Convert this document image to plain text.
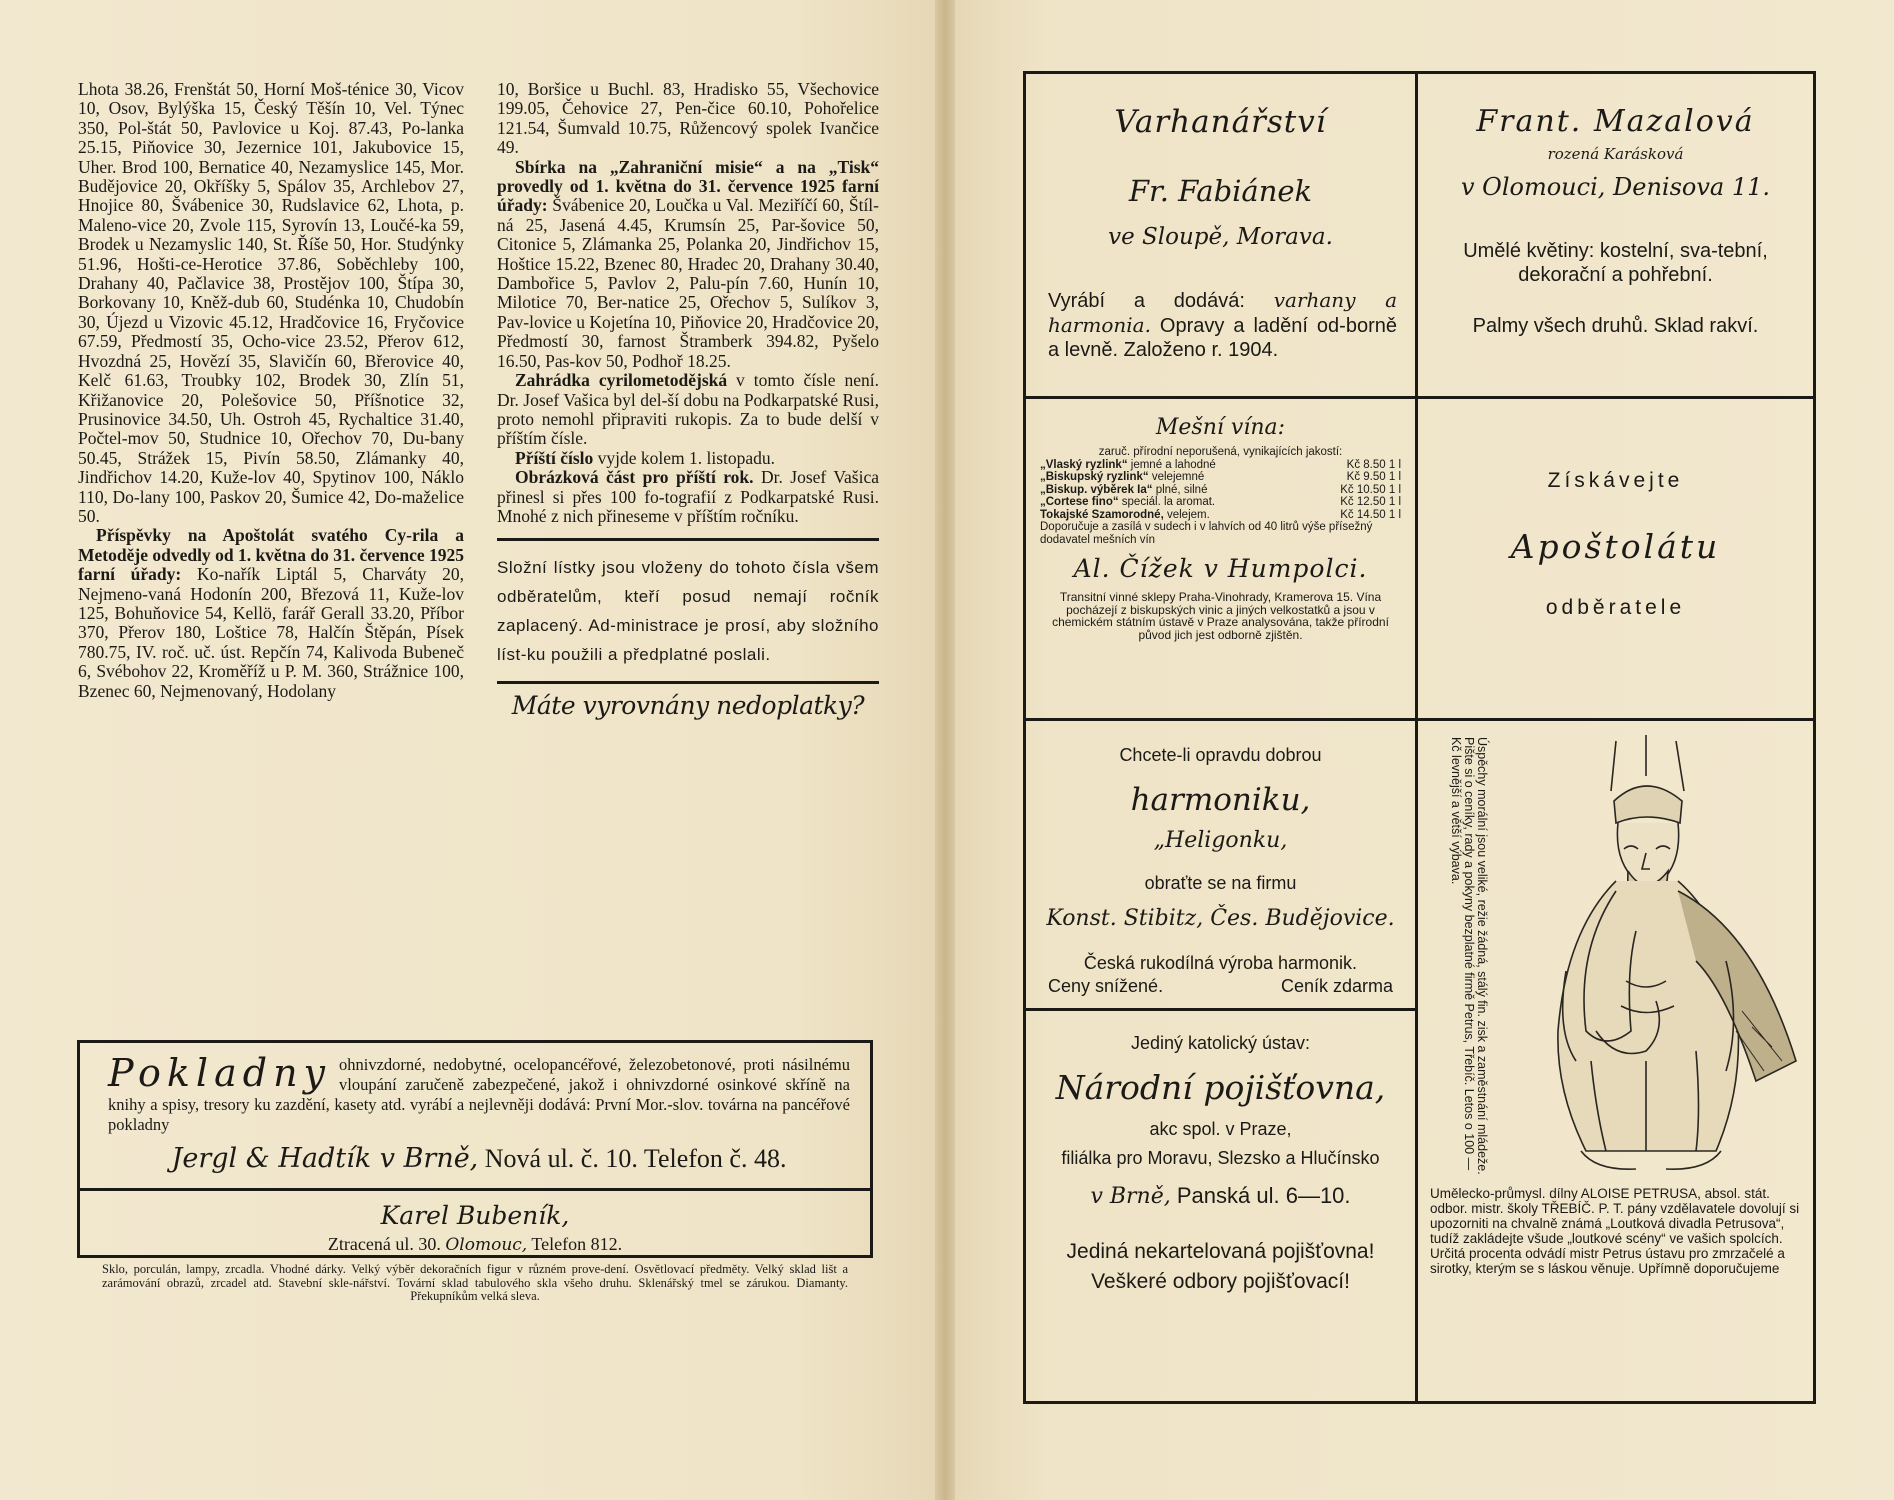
Lhota 38.26, Frenštát 50, Horní Moš-ténice 30, Vicov 10, Osov, Bylýška 15, Český Těšín 10, Vel. Týnec 350, Pol-štát 50, Pavlovice u Koj. 87.43, Po-lanka 25.15, Piňovice 30, Jezernice 101, Jakubovice 15, Uher. Brod 100, Bernatice 40, Nezamyslice 145, Mor. Budějovice 20, Okříšky 5, Spálov 35, Archlebov 27, Hnojice 80, Švábenice 30, Rudslavice 62, Lhota, p. Maleno-vice 20, Zvole 115, Syrovín 13, Loučé-ka 59, Brodek u Nezamyslic 140, St. Říše 50, Hor. Studýnky 51.96, Hošti-ce-Herotice 37.86, Soběchleby 100, Drahany 40, Pačlavice 38, Prostějov 100, Štípa 30, Borkovany 10, Kněž-dub 60, Studénka 10, Chudobín 30, Újezd u Vizovic 45.12, Hradčovice 16, Fryčovice 67.59, Předmostí 35, Ocho-vice 23.52, Přerov 612, Hvozdná 25, Hovězí 35, Slavičín 60, Břerovice 40, Kelč 61.63, Troubky 102, Brodek 30, Zlín 51, Křižanovice 20, Polešovice 50, Příšnotice 32, Prusinovice 34.50, Uh. Ostroh 45, Rychaltice 31.40, Počtel-mov 50, Studnice 10, Ořechov 70, Du-bany 50.45, Strážek 15, Pivín 58.50, Zlámanky 40, Jindřichov 14.20, Kuže-lov 40, Spytinov 100, Náklo 110, Do-lany 100, Paskov 20, Šumice 42, Do-maželice 50.

Příspěvky na Apoštolát svatého Cy-rila a Metoděje odvedly od 1. května do 31. července 1925 farní úřady: Ko-nařík Liptál 5, Charváty 20, Nejmeno-vaná Hodonín 200, Březová 11, Kuže-lov 125, Bohuňovice 54, Kellö, farář Gerall 33.20, Příbor 370, Přerov 180, Loštice 78, Halčín Štěpán, Písek 780.75, IV. roč. uč. úst. Repčín 74, Kalivoda Bubeneč 6, Svébohov 22, Kroměříž u P. M. 360, Strážnice 100, Bzenec 60, Nejmenovaný, Hodolany

10, Boršice u Buchl. 83, Hradisko 55, Všechovice 199.05, Čehovice 27, Pen-čice 60.10, Pohořelice 121.54, Šumvald 10.75, Růžencový spolek Ivančice 49.

Sbírka na „Zahraniční misie“ a na „Tisk“ provedly od 1. května do 31. července 1925 farní úřady: Švábenice 20, Loučka u Val. Meziříčí 60, Štíl-ná 25, Jasená 4.45, Krumsín 25, Par-šovice 50, Citonice 5, Zlámanka 25, Polanka 20, Jindřichov 15, Hoštice 15.22, Bzenec 80, Hradec 20, Drahany 30.40, Dambořice 5, Pavlov 2, Palu-pín 7.60, Hunín 10, Milotice 70, Ber-natice 25, Ořechov 5, Sulíkov 3, Pav-lovice u Kojetína 10, Piňovice 20, Hradčovice 20, Předmostí 30, farnost Štramberk 394.82, Pyšelo 16.50, Pas-kov 50, Podhoř 18.25.

Zahrádka cyrilometodějská v tomto čísle není. Dr. Josef Vašica byl del-ší dobu na Podkarpatské Rusi, proto nemohl připraviti rukopis. Za to bude delší v příštím čísle.

Příští číslo vyjde kolem 1. listopadu.

Obrázková část pro příští rok. Dr. Josef Vašica přinesl si přes 100 fo-tografií z Podkarpatské Rusi. Mnohé z nich přineseme v příštím ročníku.

Složní lístky jsou vloženy do tohoto čísla všem odběratelům, kteří posud nemají ročník zaplacený. Ad-ministrace je prosí, aby složního líst-ku použili a předplatné poslali.
Máte vyrovnány nedoplatky?
Pokladny ohnivzdorné, nedobytné, ocelopancéřové, železobetonové, proti násilnému vloupání zaručeně zabezpečené, jakož i ohnivzdorné osinkové skříně na knihy a spisy, tresory ku zazdění, kasety atd. vyrábí a nejlevněji dodává: První Mor.-slov. továrna na pancéřové pokladny
Jergl & Hadtík v Brně, Nová ul. č. 10. Telefon č. 48.
Karel Bubeník,
Ztracená ul. 30. Olomouc, Telefon 812.
Sklo, porculán, lampy, zrcadla. Vhodné dárky. Velký výběr dekoračních figur v různém prove-dení. Osvětlovací předměty. Velký sklad lišt a zarámování obrazů, zrcadel atd. Stavební skle-nářství. Tovární sklad tabulového skla všeho druhu. Sklenářský tmel se zárukou. Diamanty. Překupníkům velká sleva.
Varhanářství
Fr. Fabiánek
ve Sloupě, Morava.
Vyrábí a dodává: varhany a harmonia. Opravy a ladění od-borně a levně. Založeno r. 1904.
Frant. Mazalová
rozená Karásková
v Olomouci, Denisova 11.
Umělé květiny: kostelní, sva-tební, dekorační a pohřební.
Palmy všech druhů. Sklad rakví.
Mešní vína:
zaruč. přírodní neporušená, vynikajících jakostí:
„Vlaský ryzlink“ jemné a lahodné	Kč 8.50 1 l
„Biskupský ryzlink“ velejemné	Kč 9.50 1 l
„Biskup. výběrek Ia“ plné, silné	Kč 10.50 1 l
„Cortese fino“ speciál. la aromat.	Kč 12.50 1 l
Tokajské Szamorodné, velejem.	Kč 14.50 1 l
Doporučuje a zasílá v sudech i v lahvích od 40 litrů výše přísežný dodavatel mešních vín
Al. Čížek v Humpolci.
Transitní vinné sklepy Praha-Vinohrady, Kramerova 15. Vína pocházejí z biskupských vinic a jiných velkostatků a jsou v chemickém státním ústavě v Praze analysována, takže přírodní původ jich jest odborně zjištěn.
Získávejte
Apoštolátu
odběratele
Chcete-li opravdu dobrou
harmoniku,
„Heligonku,
obraťte se na firmu
Konst. Stibitz, Čes. Budějovice.
Česká rukodílná výroba harmonik.
Ceny snížené.	Ceník zdarma
Jediný katolický ústav:
Národní pojišťovna,
akc spol. v Praze,
filiálka pro Moravu, Slezsko a Hlučínsko
v Brně, Panská ul. 6—10.
Jediná nekartelovaná pojišťovna!
Veškeré odbory pojišťovací!
Úspěchy morální jsou veliké, režie žádná, stálý fin. zisk a zaměstnání mládeže. Pište si o ceníky, rady a pokyny bezplatné firmě Petrus, Třebíč. Letos o 100 — Kč levnější a větší výbava.
Umělecko-průmysl. dílny ALOISE PETRUSA, absol. stát. odbor. mistr. školy TŘEBÍČ. P. T. pány vzdělavatele dovolují si upozorniti na chvalně známá „Loutková divadla Petrusova“, tudíž zakládejte všude „loutkové scény“ ve vašich spolcích. Určitá procenta odvádí mistr Petrus ústavu pro zmrzačelé a sirotky, kterým se s láskou věnuje. Upřímně doporučujeme
